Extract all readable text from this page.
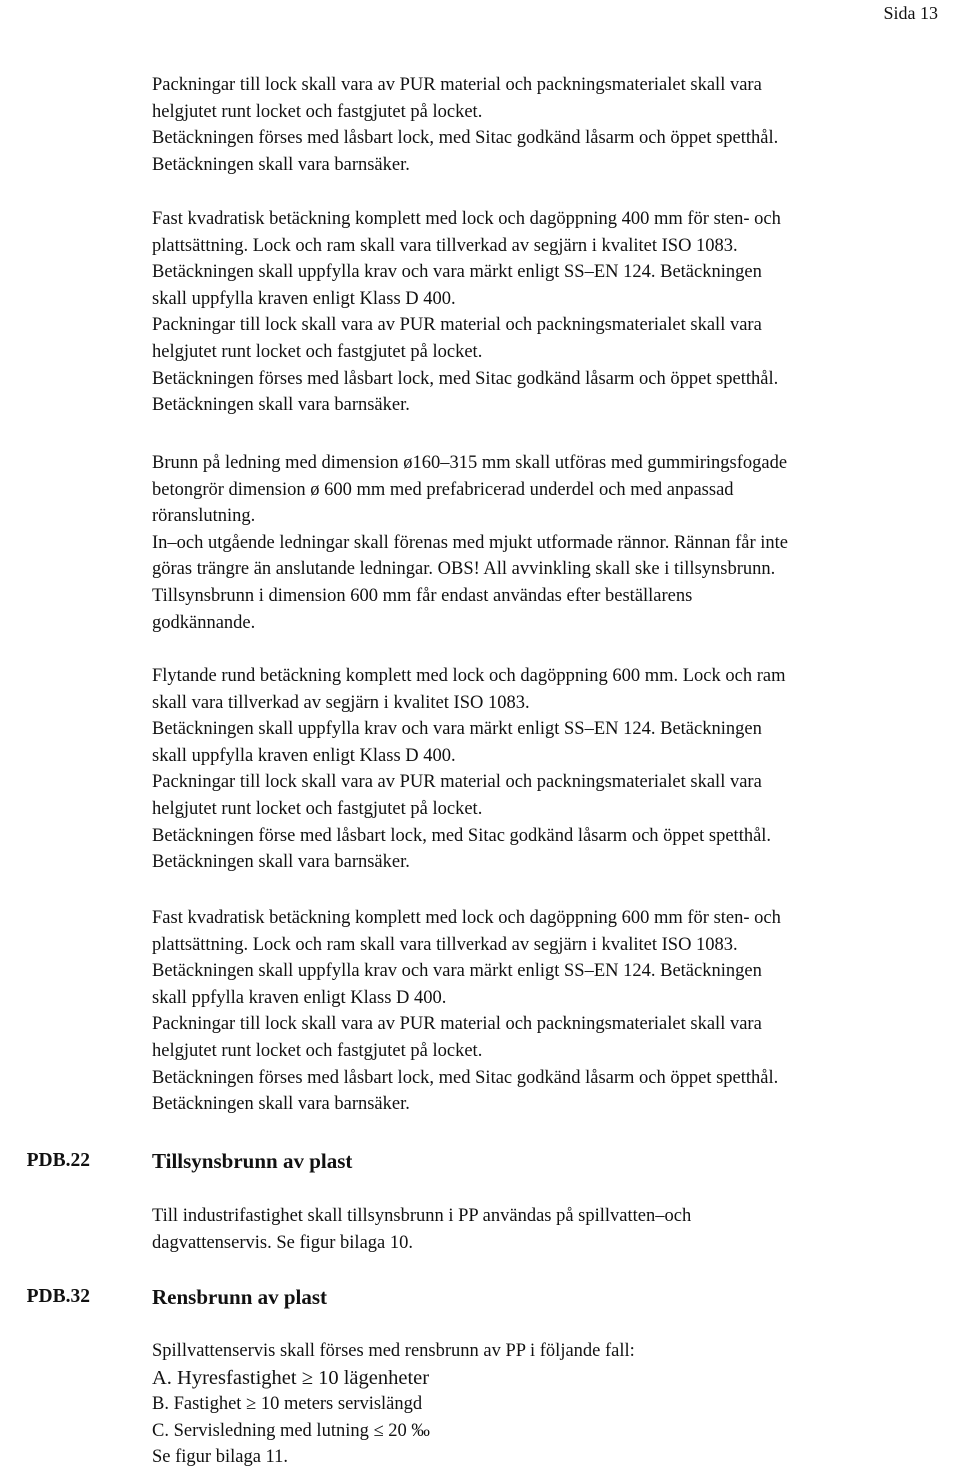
Sida 13
Packningar till lock skall vara av PUR material och packningsmaterialet skall vara
helgjutet runt locket och fastgjutet på locket.
Betäckningen förses med låsbart lock, med Sitac godkänd låsarm och öppet spetthål.
Betäckningen skall vara barnsäker.
Fast kvadratisk betäckning komplett med lock och dagöppning 400 mm för sten- och
plattsättning. Lock och ram skall vara tillverkad av segjärn i kvalitet ISO 1083.
Betäckningen skall uppfylla krav och vara märkt enligt SS–EN 124. Betäckningen
skall uppfylla kraven enligt Klass D 400.
Packningar till lock skall vara av PUR material och packningsmaterialet skall vara
helgjutet runt locket och fastgjutet på locket.
Betäckningen förses med låsbart lock, med Sitac godkänd låsarm och öppet spetthål.
Betäckningen skall vara barnsäker.
Brunn på ledning med dimension ø160–315 mm skall utföras med gummiringsfogade
betongrör dimension ø 600 mm med prefabricerad underdel och med anpassad
röranslutning.
In–och utgående ledningar skall förenas med mjukt utformade rännor. Rännan får inte
göras trängre än anslutande ledningar. OBS! All avvinkling skall ske i tillsynsbrunn.
Tillsynsbrunn i dimension 600 mm får endast användas efter beställarens
godkännande.
Flytande rund betäckning komplett med lock och dagöppning 600 mm. Lock och ram
skall vara tillverkad av segjärn i kvalitet ISO 1083.
Betäckningen skall uppfylla krav och vara märkt enligt SS–EN 124. Betäckningen
skall uppfylla kraven enligt Klass D 400.
Packningar till lock skall vara av PUR material och packningsmaterialet skall vara
helgjutet runt locket och fastgjutet på locket.
Betäckningen förse med låsbart lock, med Sitac godkänd låsarm och öppet spetthål.
Betäckningen skall vara barnsäker.
Fast kvadratisk betäckning komplett med lock och dagöppning 600 mm för sten- och
plattsättning. Lock och ram skall vara tillverkad av segjärn i kvalitet ISO 1083.
Betäckningen skall uppfylla krav och vara märkt enligt SS–EN 124. Betäckningen
skall ppfylla kraven enligt Klass D 400.
Packningar till lock skall vara av PUR material och packningsmaterialet skall vara
helgjutet runt locket och fastgjutet på locket.
Betäckningen förses med låsbart lock, med Sitac godkänd låsarm och öppet spetthål.
Betäckningen skall vara barnsäker.
PDB.22	Tillsynsbrunn av plast
Till industrifastighet skall tillsynsbrunn i PP användas på spillvatten–och
dagvattenservis. Se figur bilaga 10.
PDB.32	Rensbrunn av plast
Spillvattenservis skall förses med rensbrunn av PP i följande fall:
A. Hyresfastighet ≥ 10 lägenheter
B. Fastighet ≥ 10 meters servislängd
C. Servisledning med lutning ≤ 20 ‰
Se figur bilaga 11.
